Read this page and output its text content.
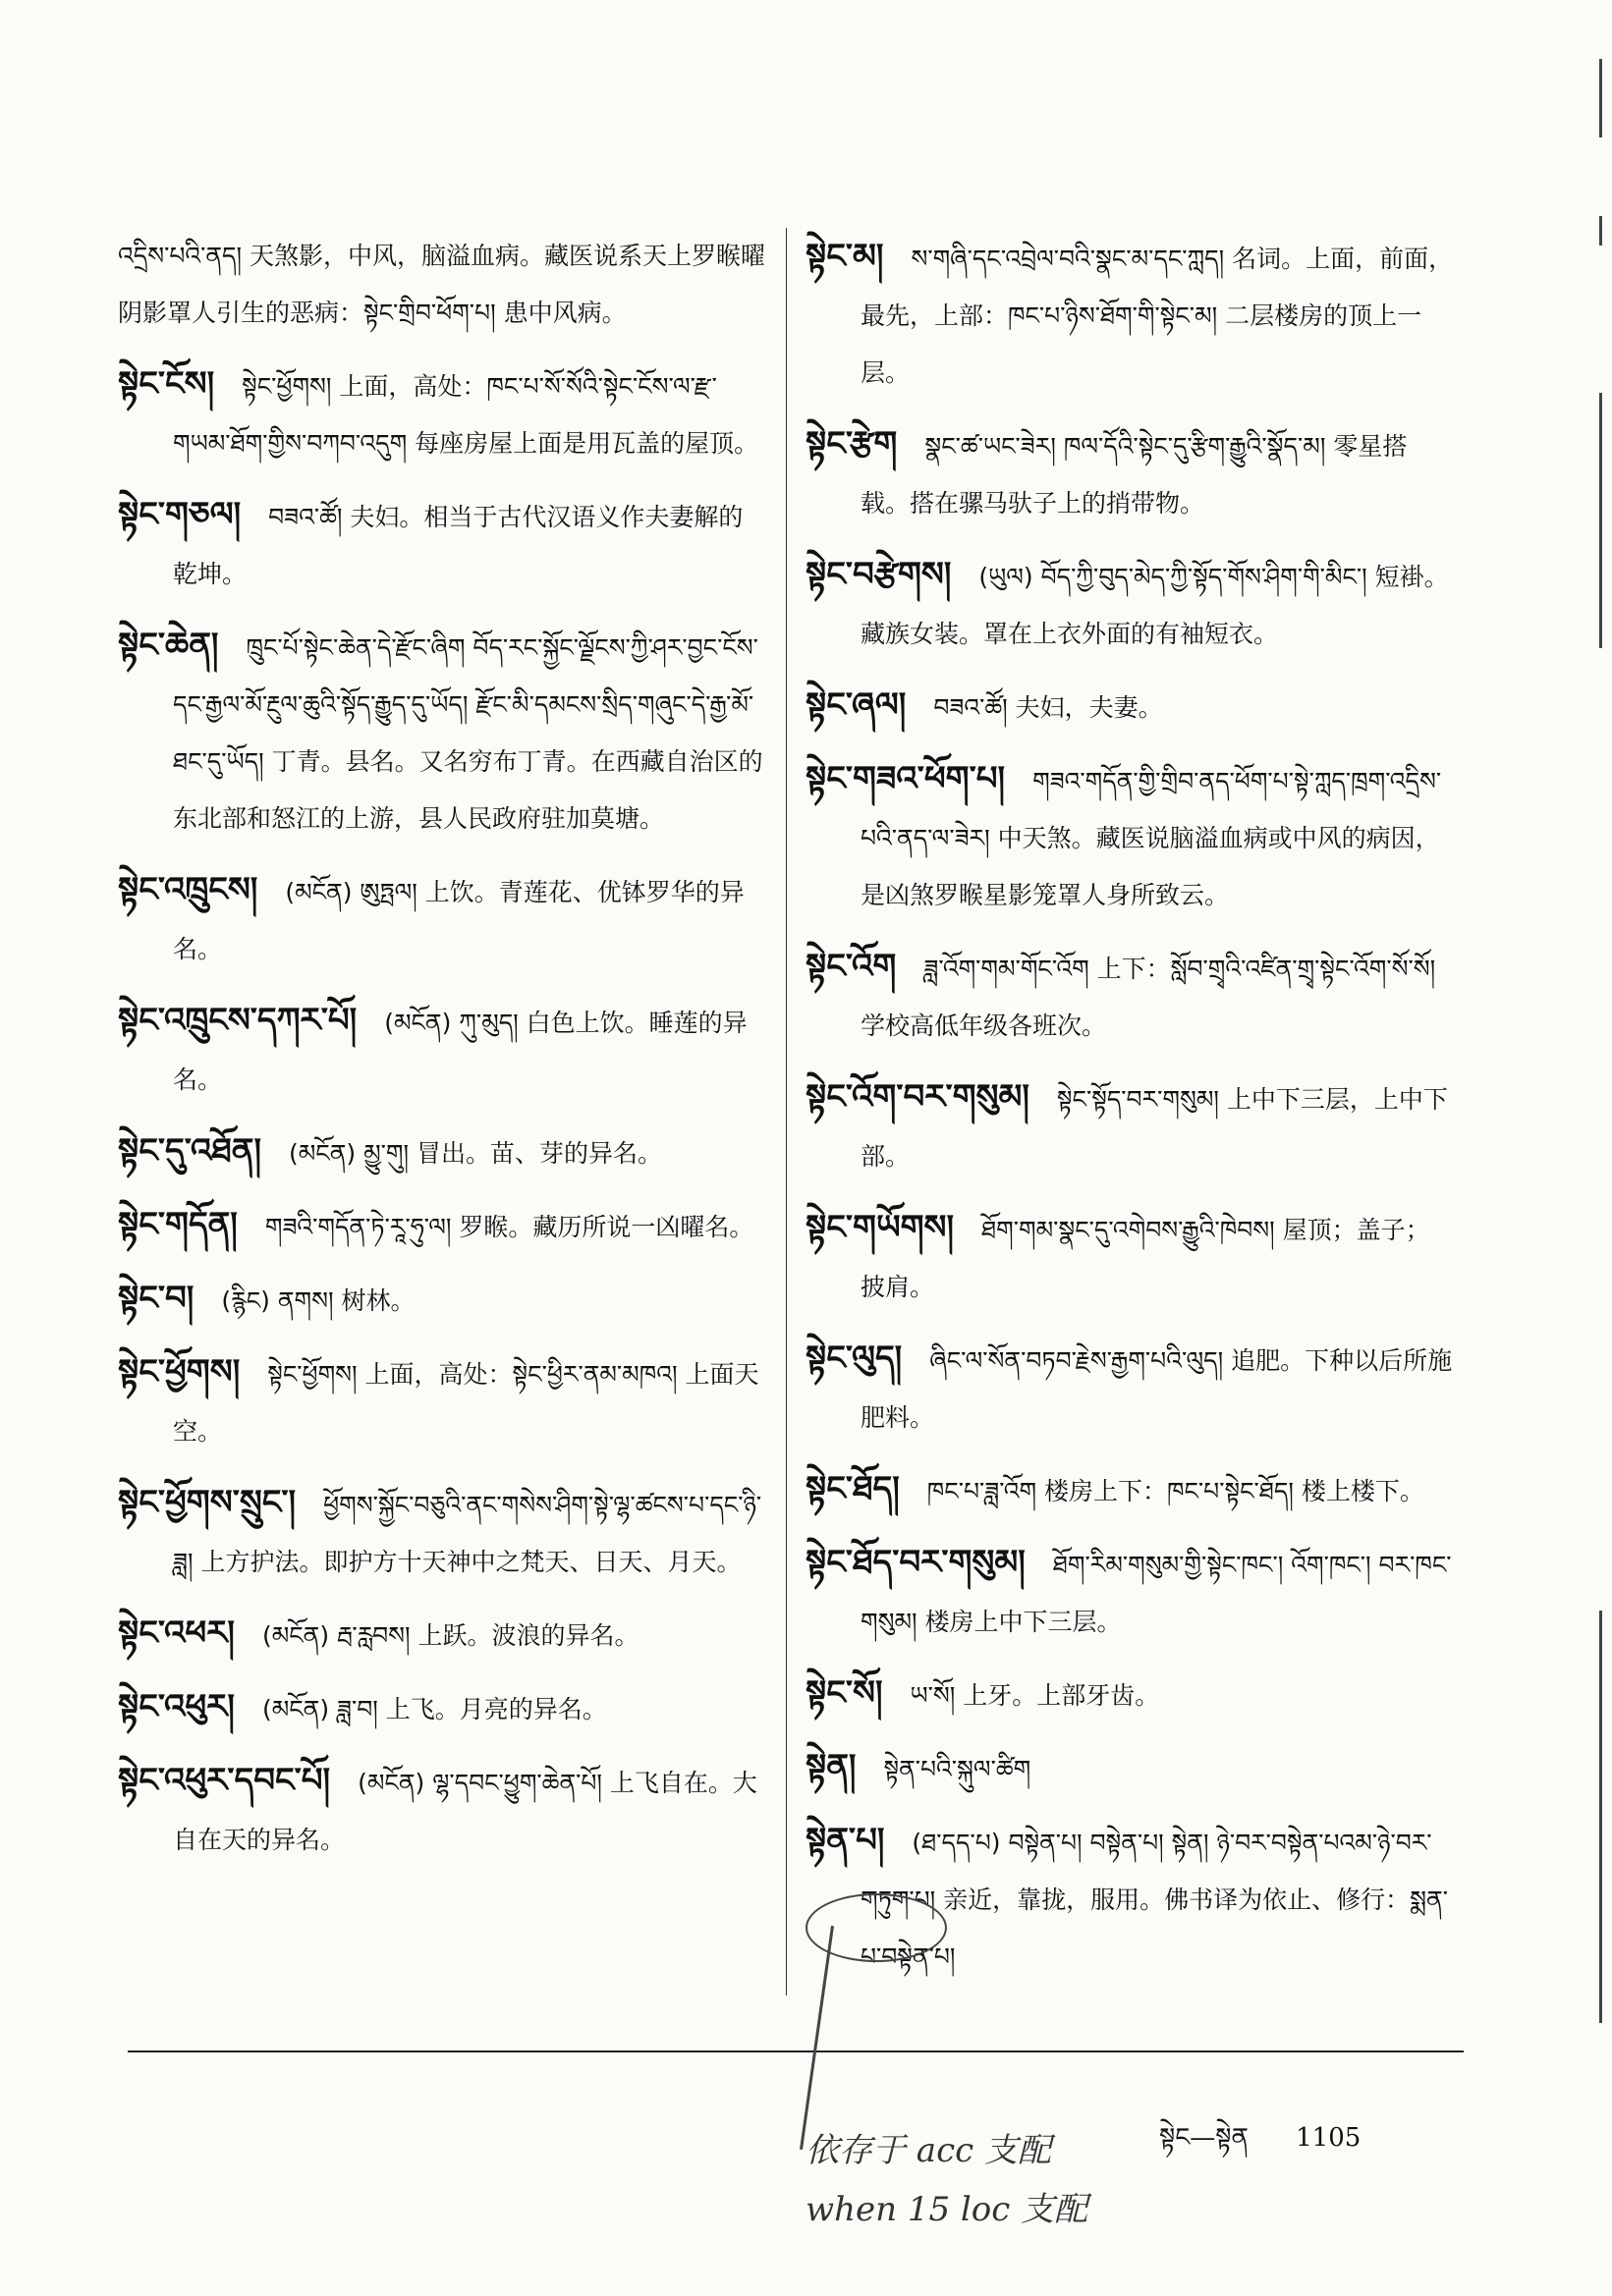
འདྲིས་པའི་ནད། 天煞影，中风，脑溢血病。藏医说系天上罗睺曜阴影罩人引生的恶病：སྟེང་གྲིབ་ཕོག་པ། 患中风病。
སྟེང་ངོས། སྟེང་ཕྱོགས། 上面，高处：ཁང་པ་སོ་སོའི་སྟེང་ངོས་ལ་རྫ་གཡམ་ཐོག་གྱིས་བཀབ་འདུག 每座房屋上面是用瓦盖的屋顶。
སྟེང་གཅལ། བཟའ་ཚོ། 夫妇。相当于古代汉语义作夫妻解的乾坤。
སྟེང་ཆེན། ཁྲུང་པོ་སྟེང་ཆེན་དེ་རྫོང་ཞིག བོད་རང་སྐྱོང་ལྗོངས་ཀྱི་ཤར་བྱང་ངོས་དང་རྒྱལ་མོ་རྔུལ་ཆུའི་སྟོད་རྒྱུད་དུ་ཡོད། རྫོང་མི་དམངས་སྲིད་གཞུང་དེ་རྒྱ་མོ་ཐང་དུ་ཡོད། 丁青。县名。又名穷布丁青。在西藏自治区的东北部和怒江的上游，县人民政府驻加莫塘。
སྟེང་འཁྲུངས། (མངོན) ཨུཏྤལ། 上饮。青莲花、优钵罗华的异名。
སྟེང་འཁྲུངས་དཀར་པོ། (མངོན) ཀུ་མུད། 白色上饮。睡莲的异名。
སྟེང་དུ་འཐོན། (མངོན) མྱུ་གུ། 冒出。苗、芽的异名。
སྟེང་གདོན། གཟའི་གདོན་ཏེ་རཱ་ཧུ་ལ། 罗睺。藏历所说一凶曜名。
སྟེང་བ། (རྙིང) ནགས། 树林。
སྟེང་ཕྱོགས། སྟེང་ཕྱོགས། 上面，高处：སྟེང་ཕྱིར་ནམ་མཁའ། 上面天空。
སྟེང་ཕྱོགས་སྲུང་། ཕྱོགས་སྐྱོང་བཅུའི་ནང་གསེས་ཤིག་སྟེ་ལྷ་ཚངས་པ་དང་ཉི་ཟླ། 上方护法。即护方十天神中之梵天、日天、月天。
སྟེང་འཕར། (མངོན) རྦ་རླབས། 上跃。波浪的异名。
སྟེང་འཕུར། (མངོན) ཟླ་བ། 上飞。月亮的异名。
སྟེང་འཕུར་དབང་པོ། (མངོན) ལྷ་དབང་ཕྱུག་ཆེན་པོ། 上飞自在。大自在天的异名。
སྟེང་མ། ས་གཞི་དང་འབྲེལ་བའི་སྣང་མ་དང་ཀླད། 名词。上面，前面，最先，上部：ཁང་པ་ཉིས་ཐོག་གི་སྟེང་མ། 二层楼房的顶上一层。
སྟེང་རྩེག སྣང་ཚ་ཡང་ཟེར། ཁལ་དོའི་སྟེང་དུ་རྩིག་རྒྱུའི་སྣོད་མ། 零星搭载。搭在骡马驮子上的捎带物。
སྟེང་བརྩེགས། (ཡུལ) བོད་ཀྱི་བུད་མེད་ཀྱི་སྟོད་གོས་ཤིག་གི་མིང་། 短褂。藏族女装。罩在上衣外面的有袖短衣。
སྟེང་ཞལ། བཟའ་ཚོ། 夫妇，夫妻。
སྟེང་གཟའ་ཕོག་པ། གཟའ་གདོན་གྱི་གྲིབ་ནད་ཕོག་པ་སྟེ་ཀླད་ཁྲག་འདྲིས་པའི་ནད་ལ་ཟེར། 中天煞。藏医说脑溢血病或中风的病因，是凶煞罗睺星影笼罩人身所致云。
སྟེང་འོག ཟླ་འོག་གམ་གོང་འོག 上下：སློབ་གྲྭའི་འཛིན་གྲྭ་སྟེང་འོག་སོ་སོ། 学校高低年级各班次。
སྟེང་འོག་བར་གསུམ། སྟེང་སྟོད་བར་གསུམ། 上中下三层，上中下部。
སྟེང་གཡོགས། ཐོག་གམ་སྣང་དུ་འགེབས་རྒྱུའི་ཁེབས། 屋顶；盖子；披肩。
སྟེང་ལུད། ཞིང་ལ་སོན་བཏབ་རྗེས་རྒྱག་པའི་ལུད། 追肥。下种以后所施肥料。
སྟེང་ཐོད། ཁང་པ་ཟླ་འོག 楼房上下：ཁང་པ་སྟེང་ཐོད། 楼上楼下。
སྟེང་ཐོད་བར་གསུམ། ཐོག་རིམ་གསུམ་གྱི་སྟེང་ཁང་། འོག་ཁང་། བར་ཁང་གསུམ། 楼房上中下三层。
སྟེང་སོ། ཡ་སོ། 上牙。上部牙齿。
སྟེན། སྟེན་པའི་སྐུལ་ཚིག
སྟེན་པ། (ཐ་དད་པ) བསྟེན་པ། བསྟེན་པ། སྟེན། ཉེ་བར་བསྟེན་པའམ་ཉེ་བར་གཏུག་པ། 亲近，靠拢，服用。佛书译为依止、修行：སྨན་པ་བསྟེན་པ།
སྟེང—སྟེན 1105
依存于 acc 支配
when 15 loc 支配
